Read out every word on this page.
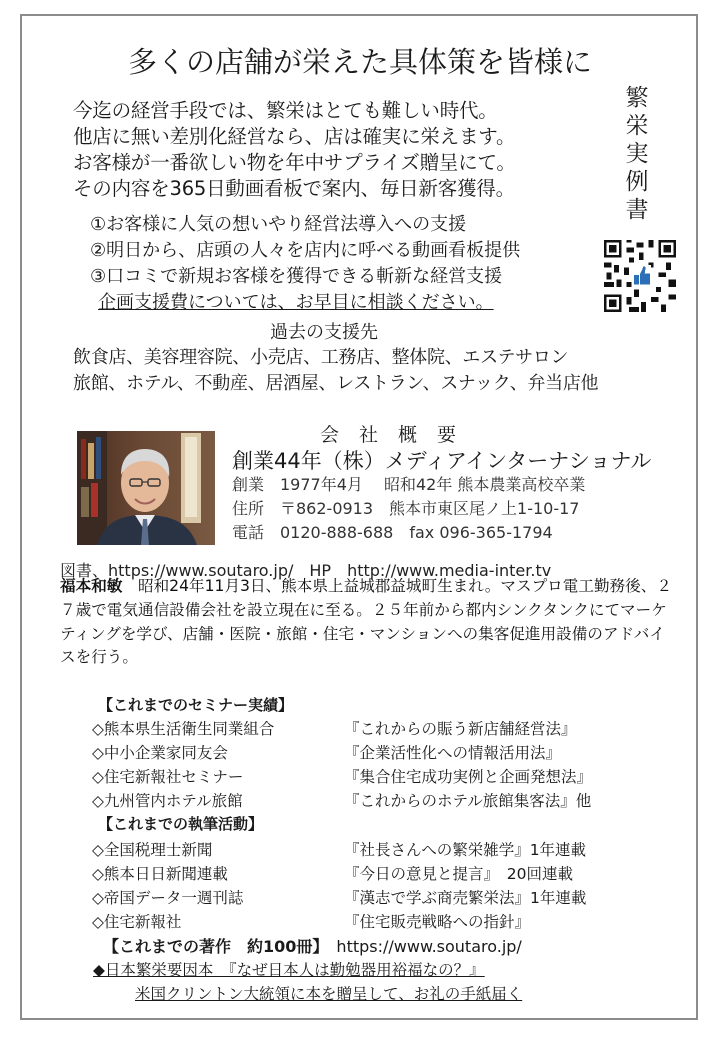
多くの店舗が栄えた具体策を皆様に
繁
栄
実
例
書
今迄の経営手段では、繁栄はとても難しい時代。
他店に無い差別化経営なら、店は確実に栄えます。
お客様が一番欲しい物を年中サプライズ贈呈にて。
その内容を365日動画看板で案内、毎日新客獲得。
①お客様に人気の想いやり経営法導入への支援
②明日から、店頭の人々を店内に呼べる動画看板提供
③口コミで新規お客様を獲得できる斬新な経営支援
企画支援費については、お早目に相談ください。
過去の支援先
飲食店、美容理容院、小売店、工務店、整体院、エステサロン
旅館、ホテル、不動産、居酒屋、レストラン、スナック、弁当店他
会社概要
創業44年（株）メディアインターナショナル
創業　1977年4月　 昭和42年 熊本農業高校卒業
住所　〒862-0913　熊本市東区尾ノ上1-10-17
電話　0120-888-688　fax 096-365-1794
図書、https://www.soutaro.jp/　HP　http://www.media-inter.tv
福本和敏　昭和24年11月3日、熊本県上益城郡益城町生まれ。マスプロ電工勤務後、２７歳で電気通信設備会社を設立現在に至る。２５年前から都内シンクタンクにてマーケティングを学び、店舗・医院・旅館・住宅・マンションへの集客促進用設備のアドバイスを行う。
【これまでのセミナー実績】
◇熊本県生活衛生同業組合	『これからの賑う新店舗経営法』
◇中小企業家同友会	『企業活性化への情報活用法』
◇住宅新報社セミナー	『集合住宅成功実例と企画発想法』
◇九州管内ホテル旅館	『これからのホテル旅館集客法』他
【これまでの執筆活動】
◇全国税理士新聞	『社長さんへの繁栄雑学』1年連載
◇熊本日日新聞連載	『今日の意見と提言』　20回連載
◇帝国データ一週刊誌	『漢志で学ぶ商売繁栄法』1年連載
◇住宅新報社	『住宅販売戦略への指針』
【これまでの著作　約100冊】　 https://www.soutaro.jp/
◆日本繁栄要因本　『なぜ日本人は勤勉器用裕福なの？』
米国クリントン大統領に本を贈呈して、お礼の手紙届く
